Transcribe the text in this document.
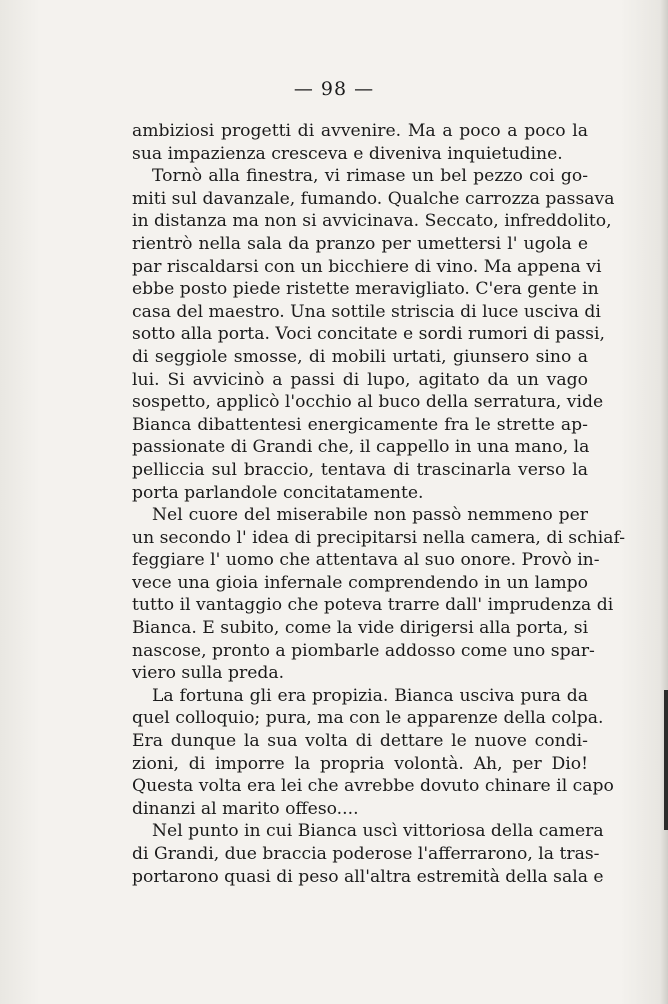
— 98 —

ambiziosi progetti di avvenire. Ma a poco a poco la
sua impazienza cresceva e diveniva inquietudine.

Tornò alla finestra, vi rimase un bel pezzo coi go-
miti sul davanzale, fumando. Qualche carrozza passava
in distanza ma non si avvicinava. Seccato, infreddolito,
rientrò nella sala da pranzo per umettersi l' ugola e
par riscaldarsi con un bicchiere di vino. Ma appena vi
ebbe posto piede ristette meravigliato. C'era gente in
casa del maestro. Una sottile striscia di luce usciva di
sotto alla porta. Voci concitate e sordi rumori di passi,
di seggiole smosse, di mobili urtati, giunsero sino a
lui. Si avvicinò a passi di lupo, agitato da un vago
sospetto, applicò l'occhio al buco della serratura, vide
Bianca dibattentesi energicamente fra le strette ap-
passionate di Grandi che, il cappello in una mano, la
pelliccia sul braccio, tentava di trascinarla verso la
porta parlandole concitatamente.

Nel cuore del miserabile non passò nemmeno per
un secondo l' idea di precipitarsi nella camera, di schiaf-
feggiare l' uomo che attentava al suo onore. Provò in-
vece una gioia infernale comprendendo in un lampo
tutto il vantaggio che poteva trarre dall' imprudenza di
Bianca. E subito, come la vide dirigersi alla porta, si
nascose, pronto a piombarle addosso come uno spar-
viero sulla preda.

La fortuna gli era propizia. Bianca usciva pura da
quel colloquio; pura, ma con le apparenze della colpa.
Era dunque la sua volta di dettare le nuove condi-
zioni, di imporre la propria volontà. Ah, per Dio!
Questa volta era lei che avrebbe dovuto chinare il capo
dinanzi al marito offeso....

Nel punto in cui Bianca uscì vittoriosa della camera
di Grandi, due braccia poderose l'afferrarono, la tras-
portarono quasi di peso all'altra estremità della sala e
